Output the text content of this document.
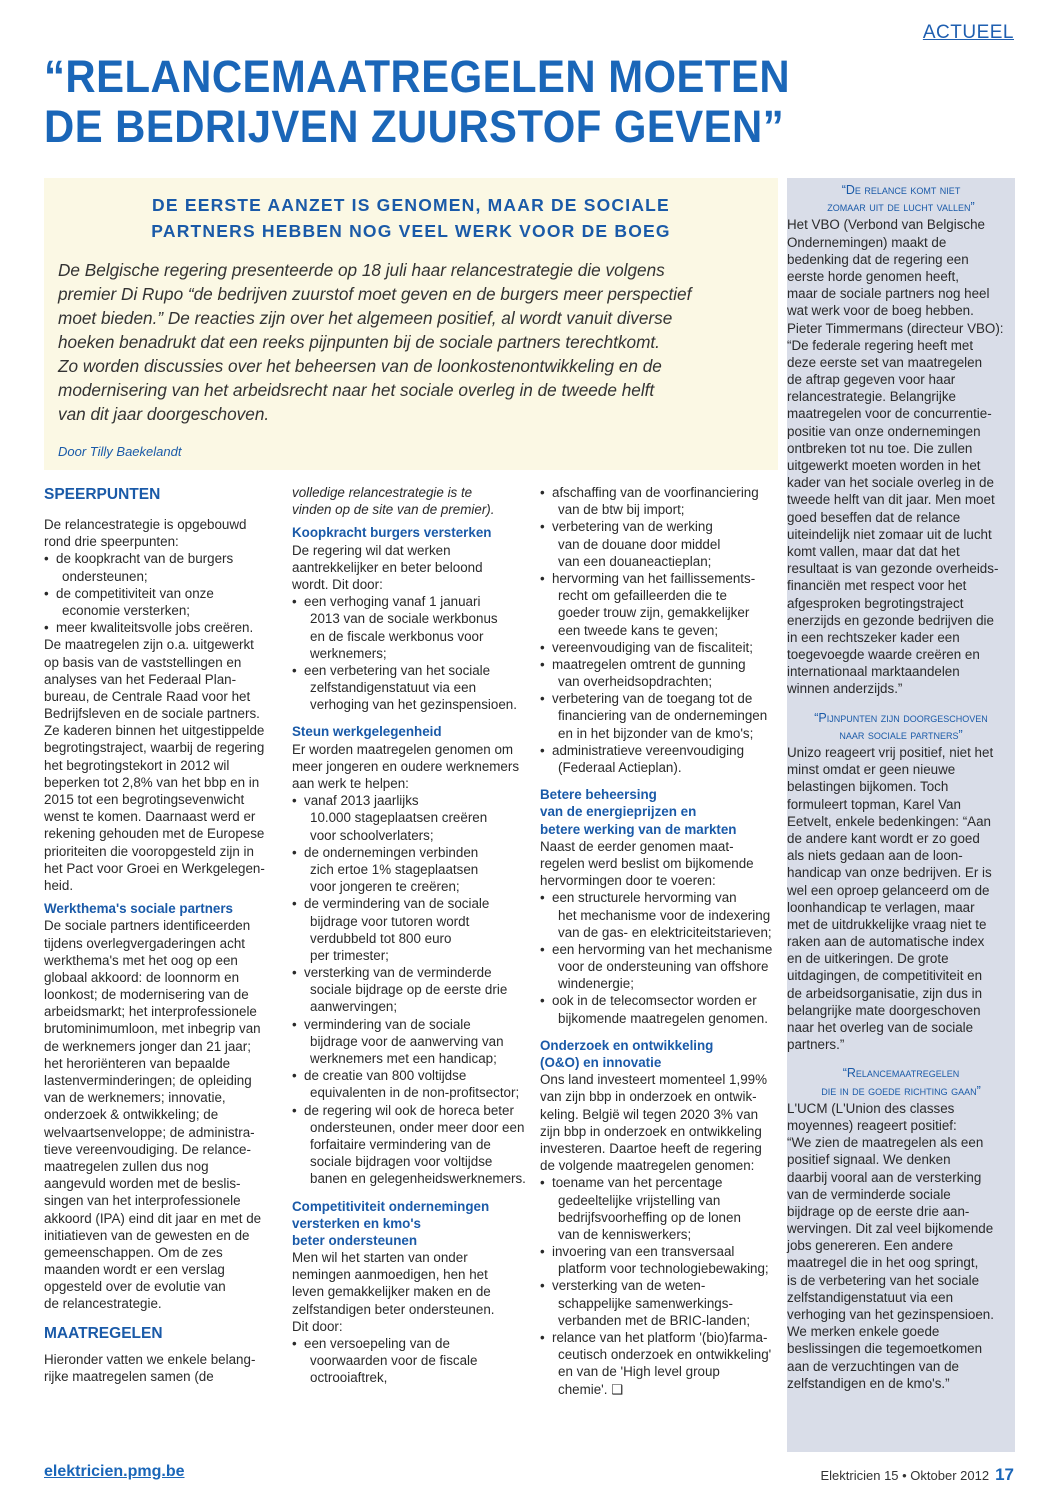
ACTUEEL
“RELANCEMAATREGELEN MOETEN
DE BEDRIJVEN ZUURSTOF GEVEN”
DE EERSTE AANZET IS GENOMEN, MAAR DE SOCIALE
PARTNERS HEBBEN NOG VEEL WERK VOOR DE BOEG
De Belgische regering presenteerde op 18 juli haar relancestrategie die volgens
premier Di Rupo “de bedrijven zuurstof moet geven en de burgers meer perspectief
moet bieden.” De reacties zijn over het algemeen positief, al wordt vanuit diverse
hoeken benadrukt dat een reeks pijnpunten bij de sociale partners terechtkomt.
Zo worden discussies over het beheersen van de loonkostenontwikkeling en de
modernisering van het arbeidsrecht naar het sociale overleg in de tweede helft
van dit jaar doorgeschoven.
Door Tilly Baekelandt
SPEERPUNTEN
De relancestrategie is opgebouwd
rond drie speerpunten:
• de koopkracht van de burgers
ondersteunen;
• de competitiviteit van onze
economie versterken;
• meer kwaliteitsvolle jobs creëren.
De maatregelen zijn o.a. uitgewerkt
op basis van de vaststellingen en
analyses van het Federaal Plan-
bureau, de Centrale Raad voor het
Bedrijfsleven en de sociale partners.
Ze kaderen binnen het uitgestippelde
begrotingstraject, waarbij de regering
het begrotingstekort in 2012 wil
beperken tot 2,8% van het bbp en in
2015 tot een begrotingsevenwicht
wenst te komen. Daarnaast werd er
rekening gehouden met de Europese
prioriteiten die vooropgesteld zijn in
het Pact voor Groei en Werkgelegen-
heid.
Werkthema's sociale partners
De sociale partners identificeerden
tijdens overlegvergaderingen acht
werkthema's met het oog op een
globaal akkoord: de loonnorm en
loonkost; de modernisering van de
arbeidsmarkt; het interprofessionele
brutominimumloon, met inbegrip van
de werknemers jonger dan 21 jaar;
het heroriënteren van bepaalde
lastenverminderingen; de opleiding
van de werknemers; innovatie,
onderzoek & ontwikkeling; de
welvaartsenveloppe; de administra-
tieve vereenvoudiging. De relance-
maatregelen zullen dus nog
aangevuld worden met de beslis-
singen van het interprofessionele
akkoord (IPA) eind dit jaar en met de
initiatieven van de gewesten en de
gemeenschappen. Om de zes
maanden wordt er een verslag
opgesteld over de evolutie van
de relancestrategie.
MAATREGELEN
Hieronder vatten we enkele belang-
rijke maatregelen samen (de
volledige relancestrategie is te
vinden op de site van de premier).
Koopkracht burgers versterken
De regering wil dat werken
aantrekkelijker en beter beloond
wordt. Dit door:
• een verhoging vanaf 1 januari
2013 van de sociale werkbonus
en de fiscale werkbonus voor
werknemers;
• een verbetering van het sociale
zelfstandigenstatuut via een
verhoging van het gezinspensioen.
Steun werkgelegenheid
Er worden maatregelen genomen om
meer jongeren en oudere werknemers
aan werk te helpen:
• vanaf 2013 jaarlijks
10.000 stageplaatsen creëren
voor schoolverlaters;
• de ondernemingen verbinden
zich ertoe 1% stageplaatsen
voor jongeren te creëren;
• de vermindering van de sociale
bijdrage voor tutoren wordt
verdubbeld tot 800 euro
per trimester;
• versterking van de verminderde
sociale bijdrage op de eerste drie
aanwervingen;
• vermindering van de sociale
bijdrage voor de aanwerving van
werknemers met een handicap;
• de creatie van 800 voltijdse
equivalenten in de non-profitsector;
• de regering wil ook de horeca beter
ondersteunen, onder meer door een
forfaitaire vermindering van de
sociale bijdragen voor voltijdse
banen en gelegenheidswerknemers.
Competitiviteit ondernemingen
versterken en kmo's
beter ondersteunen
Men wil het starten van onder
nemingen aanmoedigen, hen het
leven gemakkelijker maken en de
zelfstandigen beter ondersteunen.
Dit door:
• een versoepeling van de
voorwaarden voor de fiscale
octrooiaftrek,
• afschaffing van de voorfinanciering
van de btw bij import;
• verbetering van de werking
van de douane door middel
van een douaneactieplan;
• hervorming van het faillissements-
recht om gefailleerden die te
goeder trouw zijn, gemakkelijker
een tweede kans te geven;
• vereenvoudiging van de fiscaliteit;
• maatregelen omtrent de gunning
van overheidsopdrachten;
• verbetering van de toegang tot de
financiering van de ondernemingen
en in het bijzonder van de kmo's;
• administratieve vereenvoudiging
(Federaal Actieplan).
Betere beheersing
van de energieprijzen en
betere werking van de markten
Naast de eerder genomen maat-
regelen werd beslist om bijkomende
hervormingen door te voeren:
• een structurele hervorming van
het mechanisme voor de indexering
van de gas- en elektriciteitstarieven;
• een hervorming van het mechanisme
voor de ondersteuning van offshore
windenergie;
• ook in de telecomsector worden er
bijkomende maatregelen genomen.
Onderzoek en ontwikkeling
(O&O) en innovatie
Ons land investeert momenteel 1,99%
van zijn bbp in onderzoek en ontwik-
keling. België wil tegen 2020 3% van
zijn bbp in onderzoek en ontwikkeling
investeren. Daartoe heeft de regering
de volgende maatregelen genomen:
• toename van het percentage
gedeeltelijke vrijstelling van
bedrijfsvoorheffing op de lonen
van de kenniswerkers;
• invoering van een transversaal
platform voor technologiebewaking;
• versterking van de weten-
schappelijke samenwerkings-
verbanden met de BRIC-landen;
• relance van het platform '(bio)farma-
ceutisch onderzoek en ontwikkeling'
en van de 'High level group
chemie'. ❑
“De relance komt niet
zomaar uit de lucht vallen”
Het VBO (Verbond van Belgische
Ondernemingen) maakt de
bedenking dat de regering een
eerste horde genomen heeft,
maar de sociale partners nog heel
wat werk voor de boeg hebben.
Pieter Timmermans (directeur VBO):
“De federale regering heeft met
deze eerste set van maatregelen
de aftrap gegeven voor haar
relancestrategie. Belangrijke
maatregelen voor de concurrentie-
positie van onze ondernemingen
ontbreken tot nu toe. Die zullen
uitgewerkt moeten worden in het
kader van het sociale overleg in de
tweede helft van dit jaar. Men moet
goed beseffen dat de relance
uiteindelijk niet zomaar uit de lucht
komt vallen, maar dat dat het
resultaat is van gezonde overheids-
financiën met respect voor het
afgesproken begrotingstraject
enerzijds en gezonde bedrijven die
in een rechtszeker kader een
toegevoegde waarde creëren en
internationaal marktaandelen
winnen anderzijds.”
“Pijnpunten zijn doorgeschoven
naar sociale partners”
Unizo reageert vrij positief, niet het
minst omdat er geen nieuwe
belastingen bijkomen. Toch
formuleert topman, Karel Van
Eetvelt, enkele bedenkingen: “Aan
de andere kant wordt er zo goed
als niets gedaan aan de loon-
handicap van onze bedrijven. Er is
wel een oproep gelanceerd om de
loonhandicap te verlagen, maar
met de uitdrukkelijke vraag niet te
raken aan de automatische index
en de uitkeringen. De grote
uitdagingen, de competitiviteit en
de arbeidsorganisatie, zijn dus in
belangrijke mate doorgeschoven
naar het overleg van de sociale
partners.”
“Relancemaatregelen
die in de goede richting gaan”
L'UCM (L'Union des classes
moyennes) reageert positief:
“We zien de maatregelen als een
positief signaal. We denken
daarbij vooral aan de versterking
van de verminderde sociale
bijdrage op de eerste drie aan-
wervingen. Dit zal veel bijkomende
jobs genereren. Een andere
maatregel die in het oog springt,
is de verbetering van het sociale
zelfstandigenstatuut via een
verhoging van het gezinspensioen.
We merken enkele goede
beslissingen die tegemoetkomen
aan de verzuchtingen van de
zelfstandigen en de kmo's.”
elektricien.pmg.be	Elektricien 15 • Oktober 2012 17
